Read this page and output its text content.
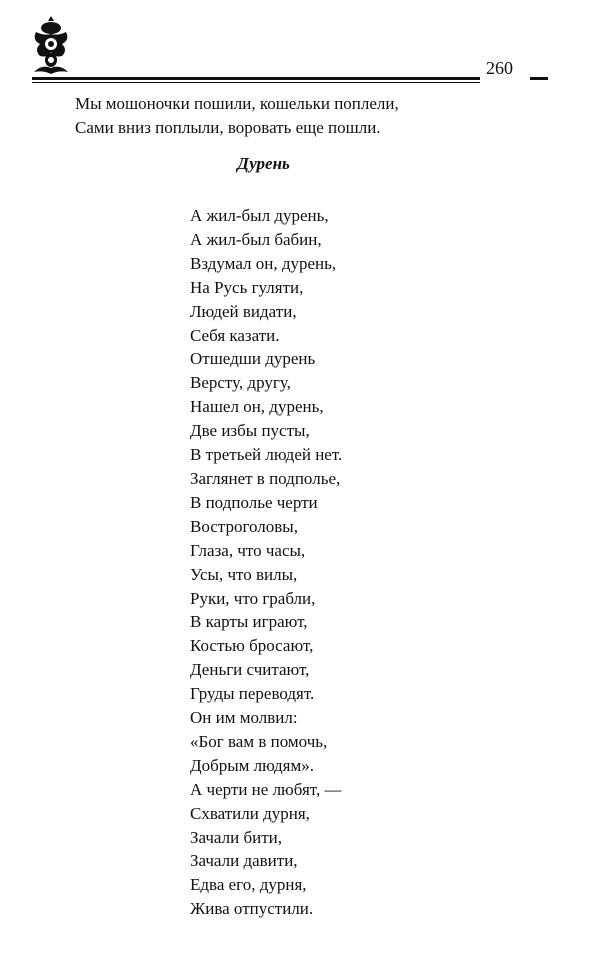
260
Мы мошоночки пошили, кошельки поплели,
Сами вниз поплыли, воровать еще пошли.
Дурень
А жил-был дурень,
А жил-был бабин,
Вздумал он, дурень,
На Русь гуляти,
Людей видати,
Себя казати.
Отшедши дурень
Версту, другу,
Нашел он, дурень,
Две избы пусты,
В третьей людей нет.
Заглянет в подполье,
В подполье черти
Востроголовы,
Глаза, что часы,
Усы, что вилы,
Руки, что грабли,
В карты играют,
Костью бросают,
Деньги считают,
Груды переводят.
Он им молвил:
«Бог вам в помочь,
Добрым людям».
А черти не любят, —
Схватили дурня,
Зачали бити,
Зачали давити,
Едва его, дурня,
Жива отпустили.
